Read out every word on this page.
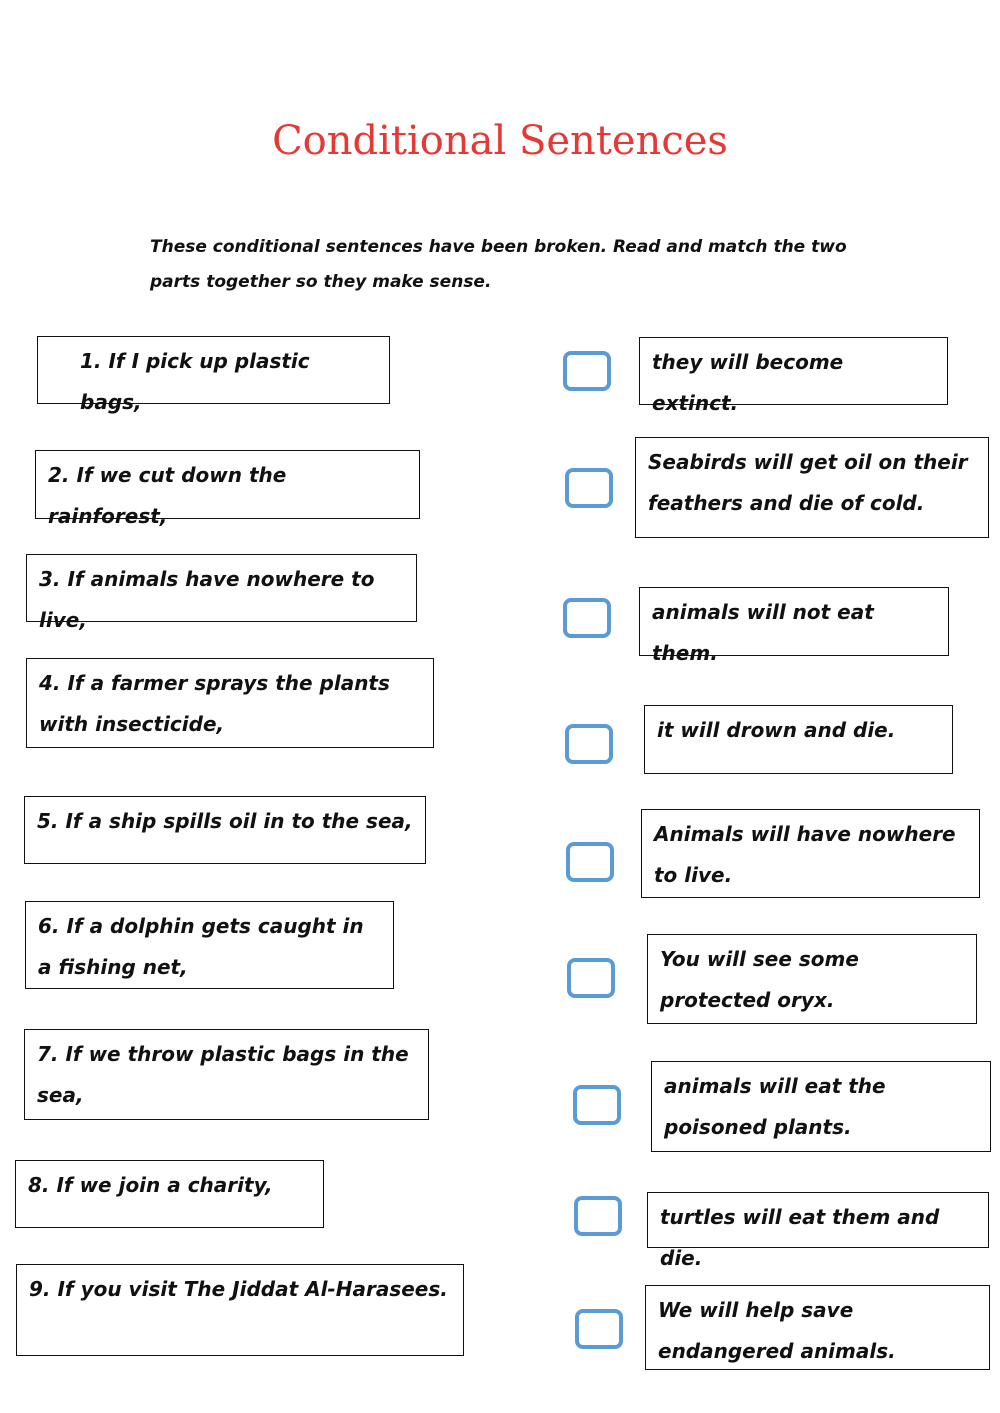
Conditional Sentences

These conditional sentences have been broken. Read and match the two

parts together so they make sense.

1. If I pick up plastic bags,
2. If we cut down the rainforest,
3. If animals have nowhere to live,
4. If a farmer sprays the plants with insecticide,
5. If a ship spills oil in to the sea,
6. If a dolphin gets caught in a fishing net,
7. If we throw plastic bags in the sea,
8. If we join a charity,
9. If you visit The Jiddat Al-Harasees.
they will become extinct.
Seabirds will get oil on their feathers and die of cold.
animals will not eat them.
it will drown and die.
Animals will have nowhere to live.
You will see some protected oryx.
animals will eat the poisoned plants.
turtles will eat them and die.
We will help save endangered animals.
